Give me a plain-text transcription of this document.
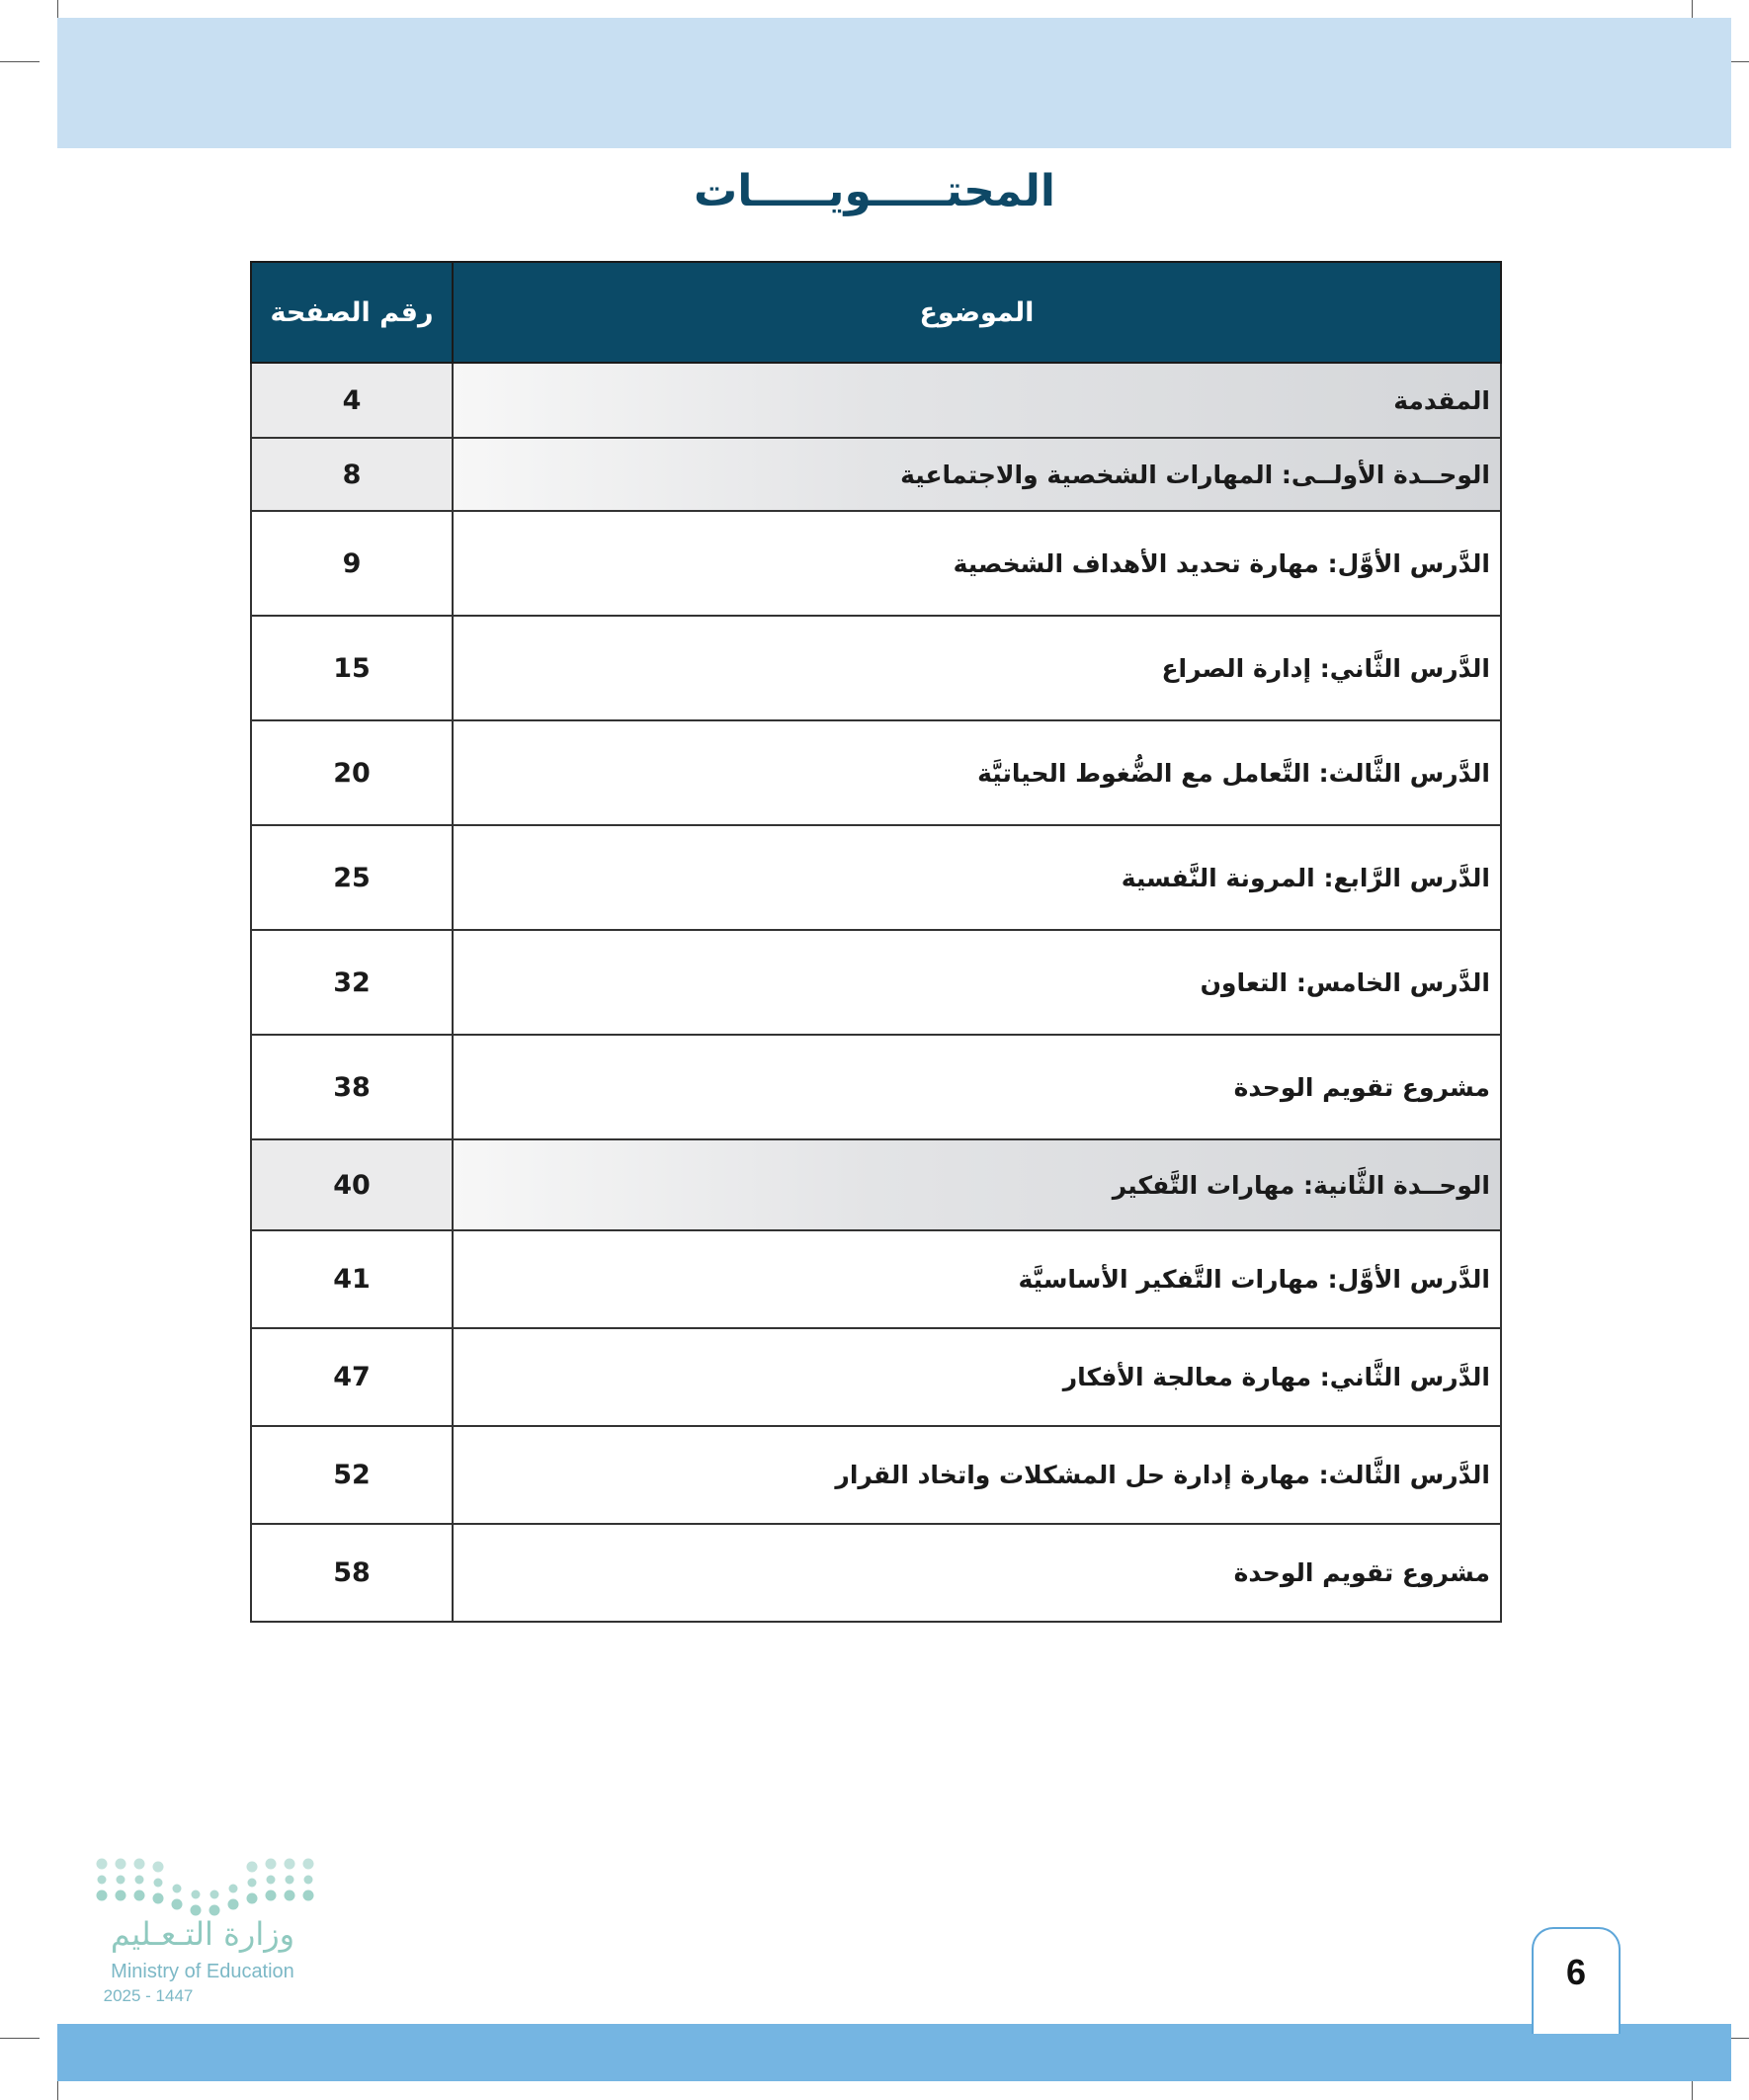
المحتـــــويـــــات
الموضوع	رقم الصفحة
المقدمة	4
الوحــدة الأولــى: المهارات الشخصية والاجتماعية	8
الدَّرس الأوَّل: مهارة تحديد الأهداف الشخصية	9
الدَّرس الثَّاني: إدارة الصراع	15
الدَّرس الثَّالث: التَّعامل مع الضُّغوط الحياتيَّة	20
الدَّرس الرَّابع: المرونة النَّفسية	25
الدَّرس الخامس: التعاون	32
مشروع تقويم الوحدة	38
الوحــدة الثَّانية: مهارات التَّفكير	40
الدَّرس الأوَّل: مهارات التَّفكير الأساسيَّة	41
الدَّرس الثَّاني: مهارة معالجة الأفكار	47
الدَّرس الثَّالث: مهارة إدارة حل المشكلات واتخاد القرار	52
مشروع تقويم الوحدة	58
وزارة التـعـليم
Ministry of Education
2025 - 1447
6
